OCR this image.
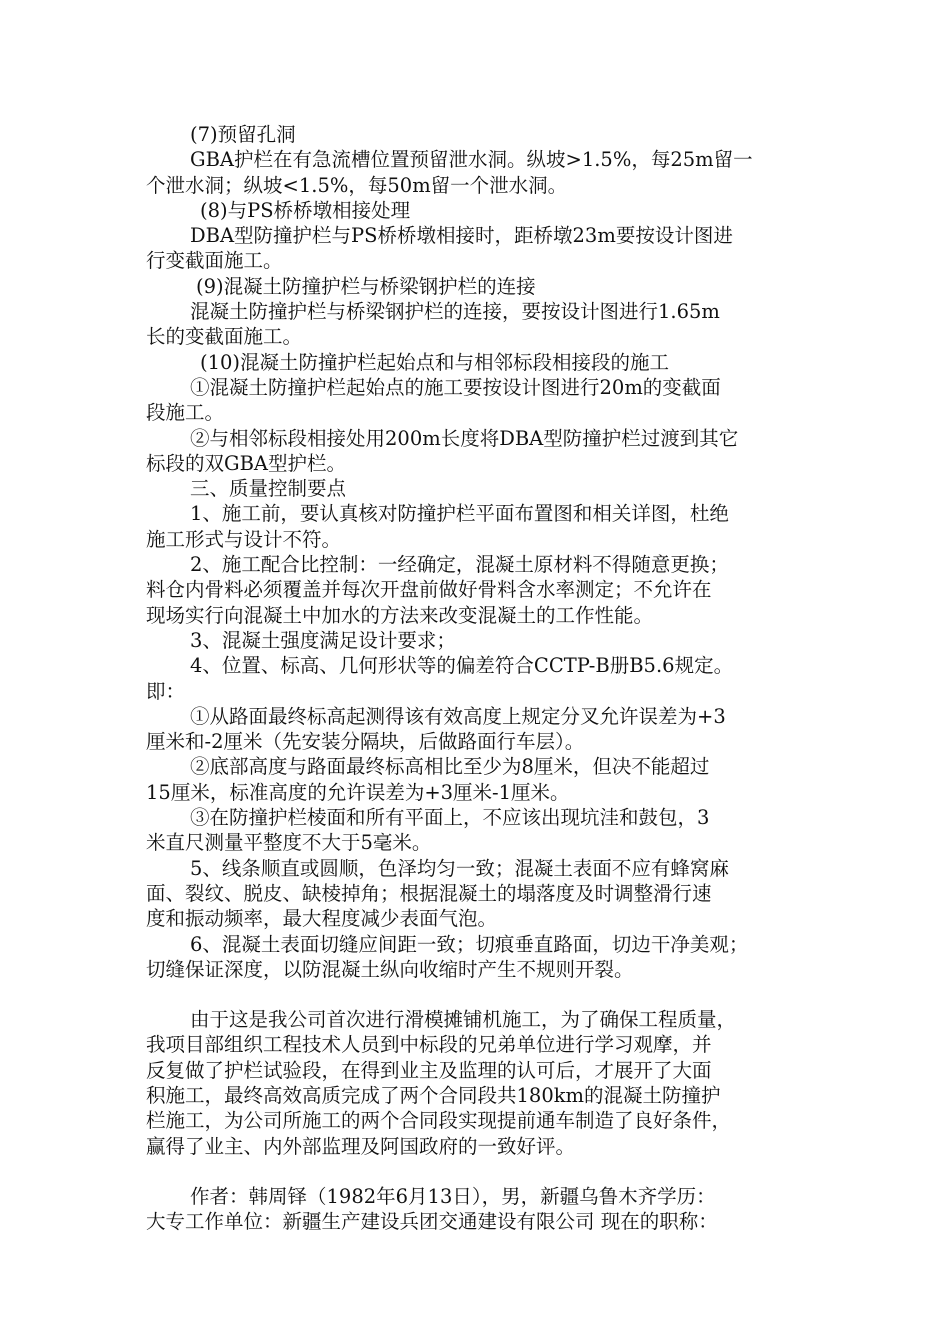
(7)预留孔洞
GBA护栏在有急流槽位置预留泄水洞。纵坡>1.5%，每25m留一
个泄水洞；纵坡<1.5%，每50m留一个泄水洞。
(8)与PS桥桥墩相接处理
DBA型防撞护栏与PS桥桥墩相接时，距桥墩23m要按设计图进
行变截面施工。
(9)混凝土防撞护栏与桥梁钢护栏的连接
混凝土防撞护栏与桥梁钢护栏的连接，要按设计图进行1.65m
长的变截面施工。
(10)混凝土防撞护栏起始点和与相邻标段相接段的施工
①混凝土防撞护栏起始点的施工要按设计图进行20m的变截面
段施工。
②与相邻标段相接处用200m长度将DBA型防撞护栏过渡到其它
标段的双GBA型护栏。
三、质量控制要点
1、施工前，要认真核对防撞护栏平面布置图和相关详图，杜绝
施工形式与设计不符。
2、施工配合比控制：一经确定，混凝土原材料不得随意更换；
料仓内骨料必须覆盖并每次开盘前做好骨料含水率测定；不允许在
现场实行向混凝土中加水的方法来改变混凝土的工作性能。
3、混凝土强度满足设计要求；
4、位置、标高、几何形状等的偏差符合CCTP-B册B5.6规定。
即：
①从路面最终标高起测得该有效高度上规定分叉允许误差为+3
厘米和-2厘米（先安装分隔块，后做路面行车层）。
②底部高度与路面最终标高相比至少为8厘米，但决不能超过
15厘米，标准高度的允许误差为+3厘米-1厘米。
③在防撞护栏棱面和所有平面上，不应该出现坑洼和鼓包，3
米直尺测量平整度不大于5毫米。
5、线条顺直或圆顺，色泽均匀一致；混凝土表面不应有蜂窝麻
面、裂纹、脱皮、缺棱掉角；根据混凝土的塌落度及时调整滑行速
度和振动频率，最大程度减少表面气泡。
6、混凝土表面切缝应间距一致；切痕垂直路面，切边干净美观；
切缝保证深度，以防混凝土纵向收缩时产生不规则开裂。
由于这是我公司首次进行滑模摊铺机施工，为了确保工程质量，
我项目部组织工程技术人员到中标段的兄弟单位进行学习观摩，并
反复做了护栏试验段，在得到业主及监理的认可后，才展开了大面
积施工，最终高效高质完成了两个合同段共180km的混凝土防撞护
栏施工，为公司所施工的两个合同段实现提前通车制造了良好条件，
赢得了业主、内外部监理及阿国政府的一致好评。
作者：韩周铎（1982年6月13日），男，新疆乌鲁木齐学历：
大专工作单位：新疆生产建设兵团交通建设有限公司 现在的职称：
